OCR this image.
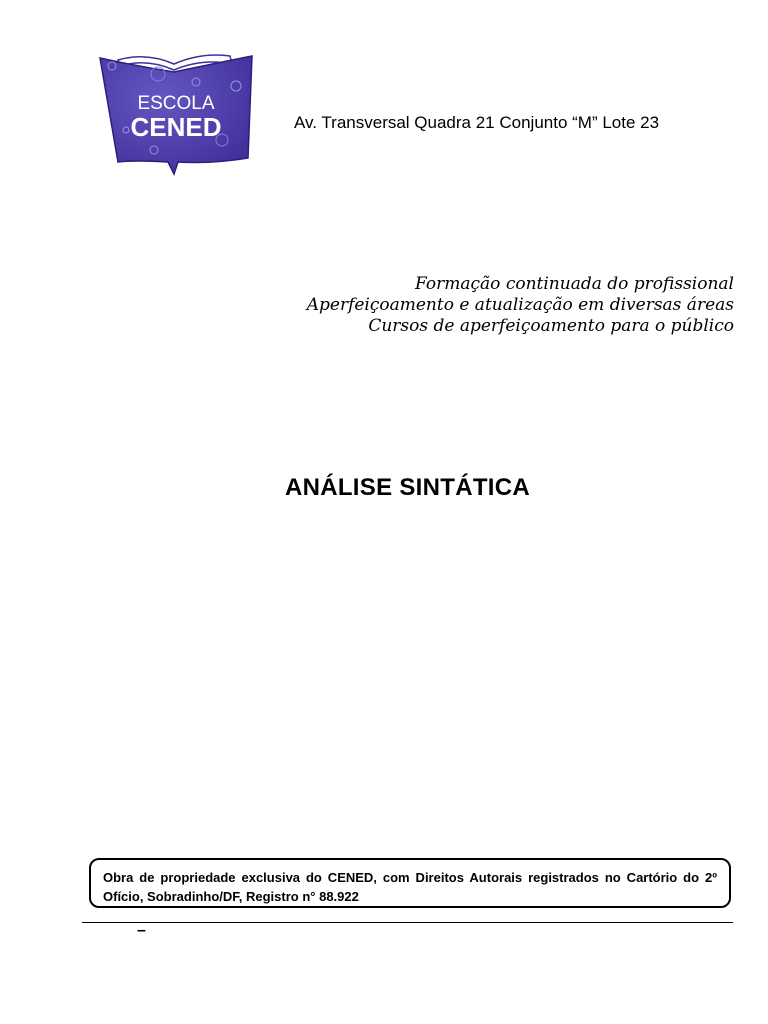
ESCOLA
CENED	Av. Transversal Quadra 21 Conjunto “M” Lote 23
Formação continuada do profissional
Aperfeiçoamento e atualização em diversas áreas
Cursos de aperfeiçoamento para o público
ANÁLISE SINTÁTICA
Obra de propriedade exclusiva do CENED, com Direitos Autorais registrados no Cartório do 2º Ofício, Sobradinho/DF, Registro n° 88.922
–
